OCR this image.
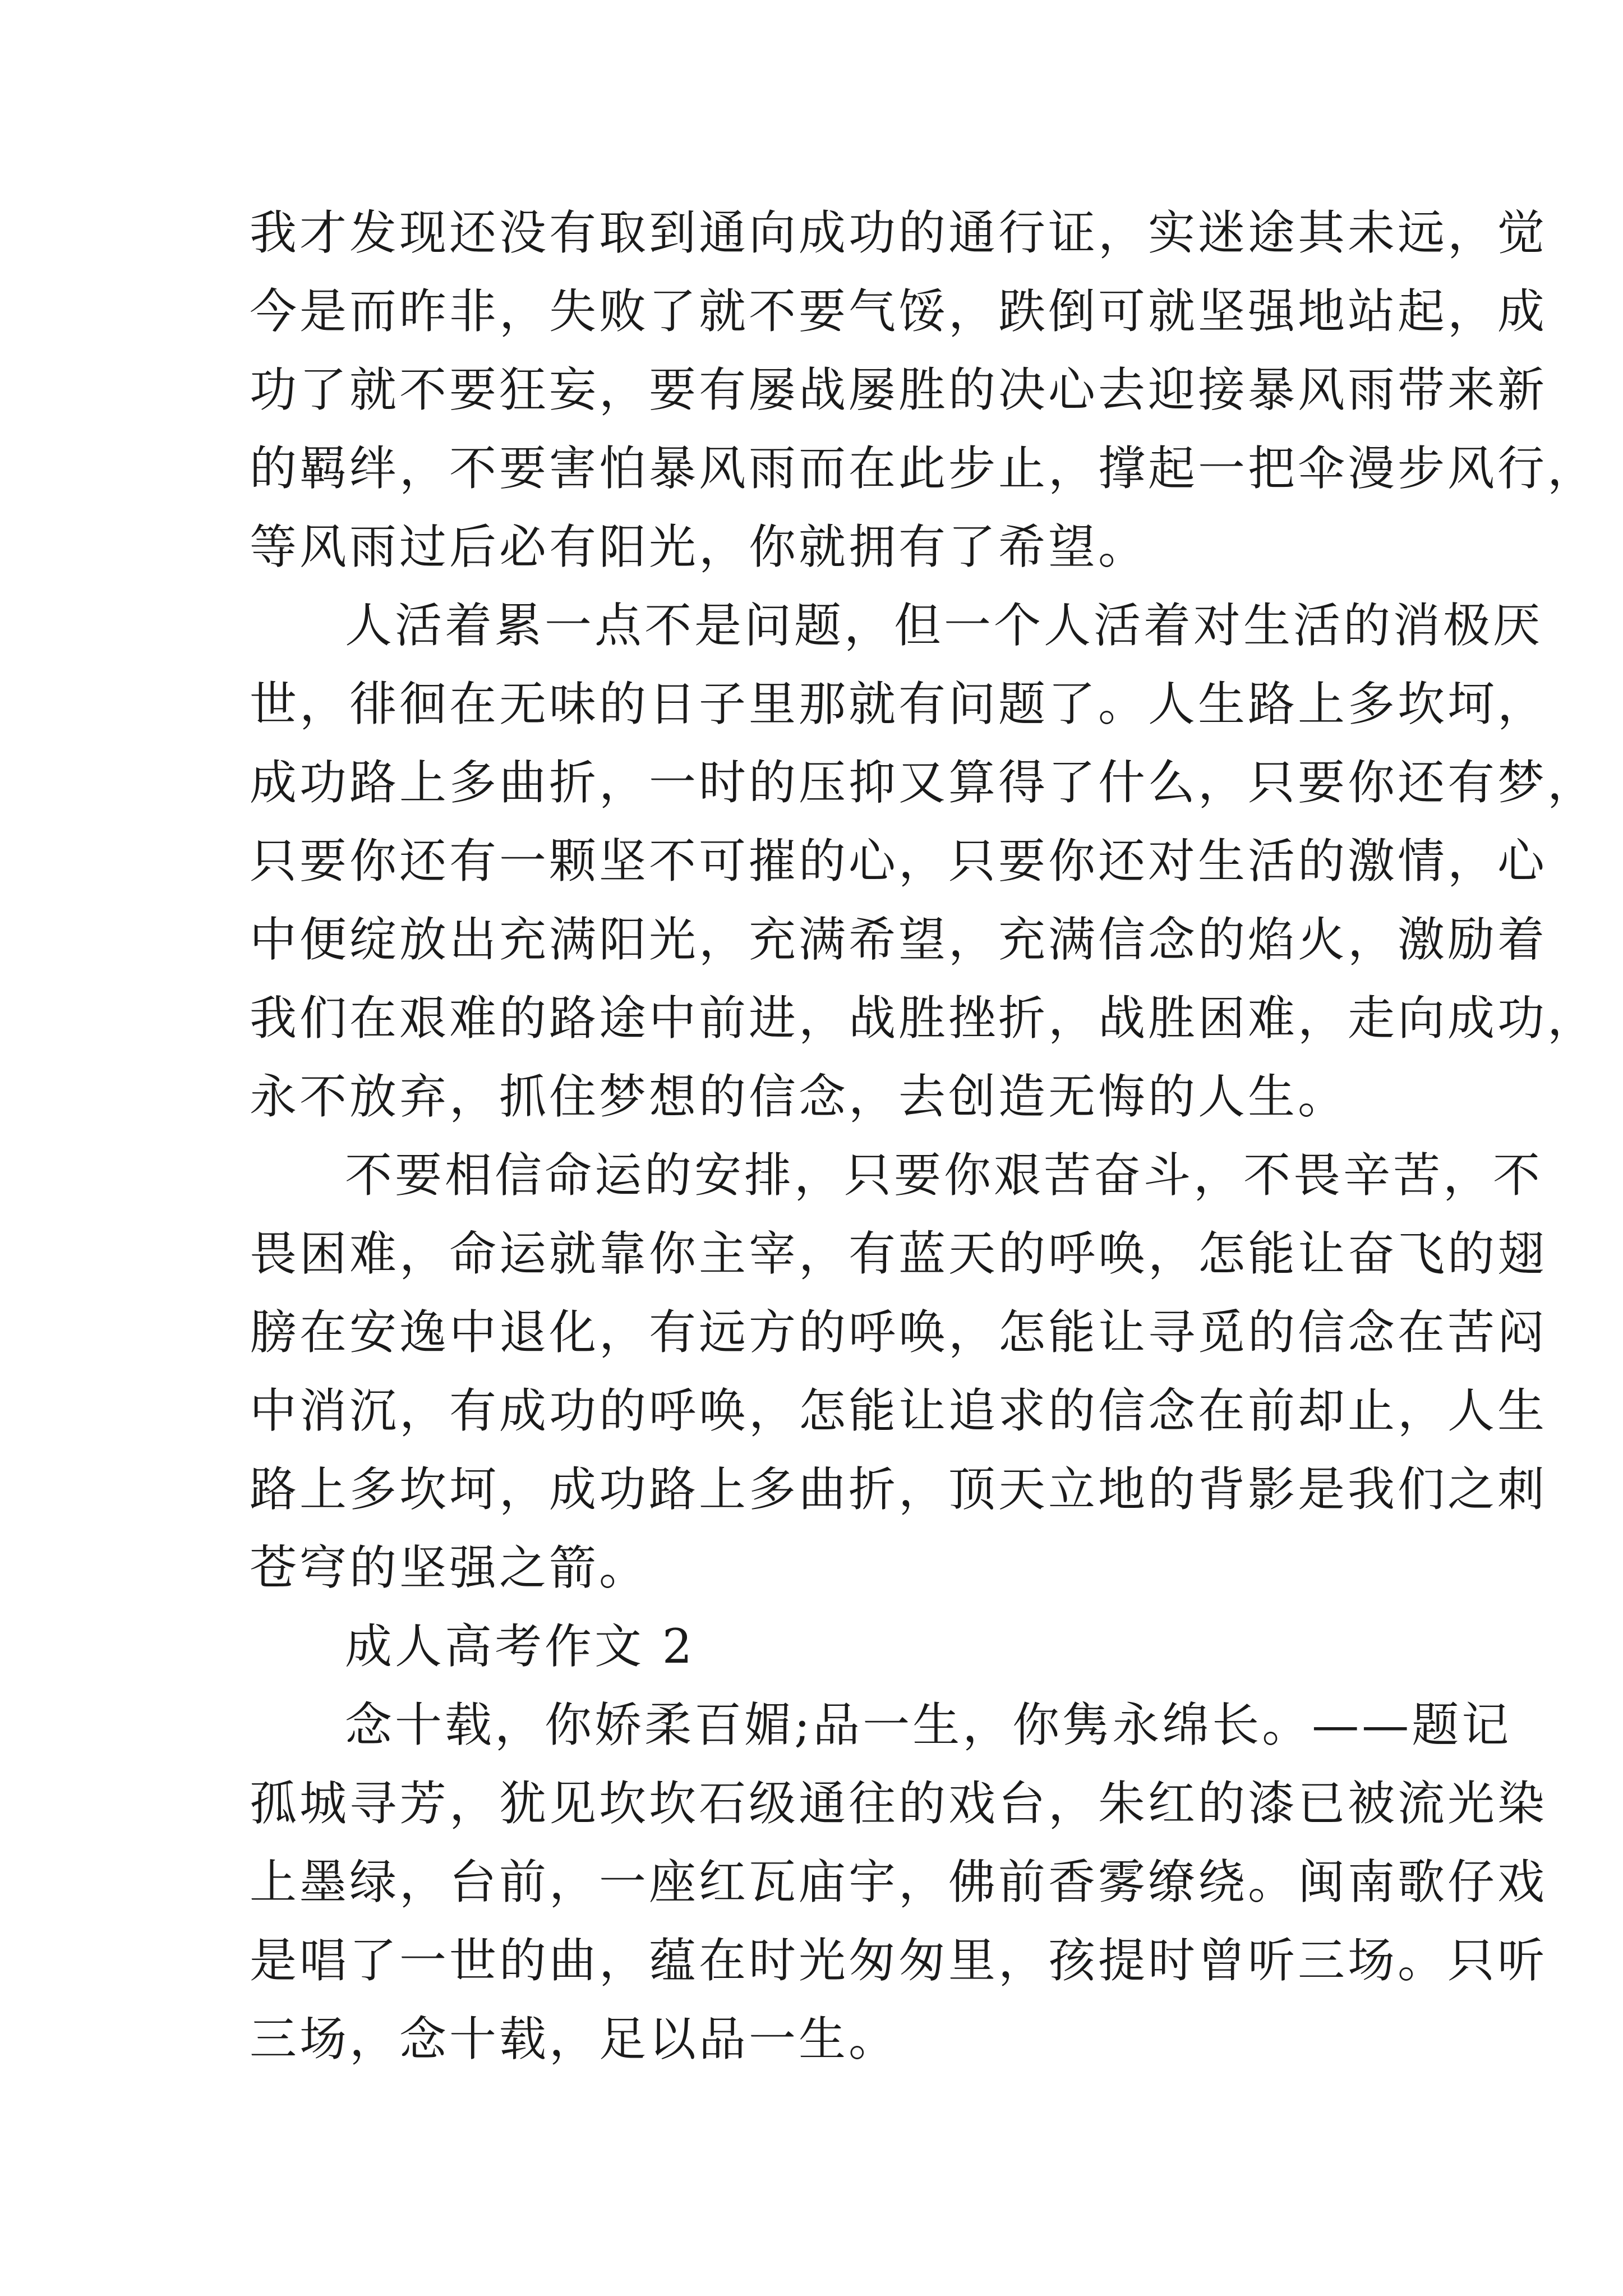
我才发现还没有取到通向成功的通行证，实迷途其未远，觉
今是而昨非，失败了就不要气馁，跌倒可就坚强地站起，成
功了就不要狂妄，要有屡战屡胜的决心去迎接暴风雨带来新
的羁绊，不要害怕暴风雨而在此步止，撑起一把伞漫步风行，
等风雨过后必有阳光，你就拥有了希望。
人活着累一点不是问题，但一个人活着对生活的消极厌
世，徘徊在无味的日子里那就有问题了。人生路上多坎坷，
成功路上多曲折，一时的压抑又算得了什么，只要你还有梦，
只要你还有一颗坚不可摧的心，只要你还对生活的激情，心
中便绽放出充满阳光，充满希望，充满信念的焰火，激励着
我们在艰难的路途中前进，战胜挫折，战胜困难，走向成功，
永不放弃，抓住梦想的信念，去创造无悔的人生。
不要相信命运的安排，只要你艰苦奋斗，不畏辛苦，不
畏困难，命运就靠你主宰，有蓝天的呼唤，怎能让奋飞的翅
膀在安逸中退化，有远方的呼唤，怎能让寻觅的信念在苦闷
中消沉，有成功的呼唤，怎能让追求的信念在前却止，人生
路上多坎坷，成功路上多曲折，顶天立地的背影是我们之刺
苍穹的坚强之箭。
成人高考作文 2
念十载，你娇柔百媚;品一生，你隽永绵长。——题记
孤城寻芳，犹见坎坎石级通往的戏台，朱红的漆已被流光染
上墨绿，台前，一座红瓦庙宇，佛前香雾缭绕。闽南歌仔戏
是唱了一世的曲，蕴在时光匆匆里，孩提时曾听三场。只听
三场，念十载，足以品一生。
